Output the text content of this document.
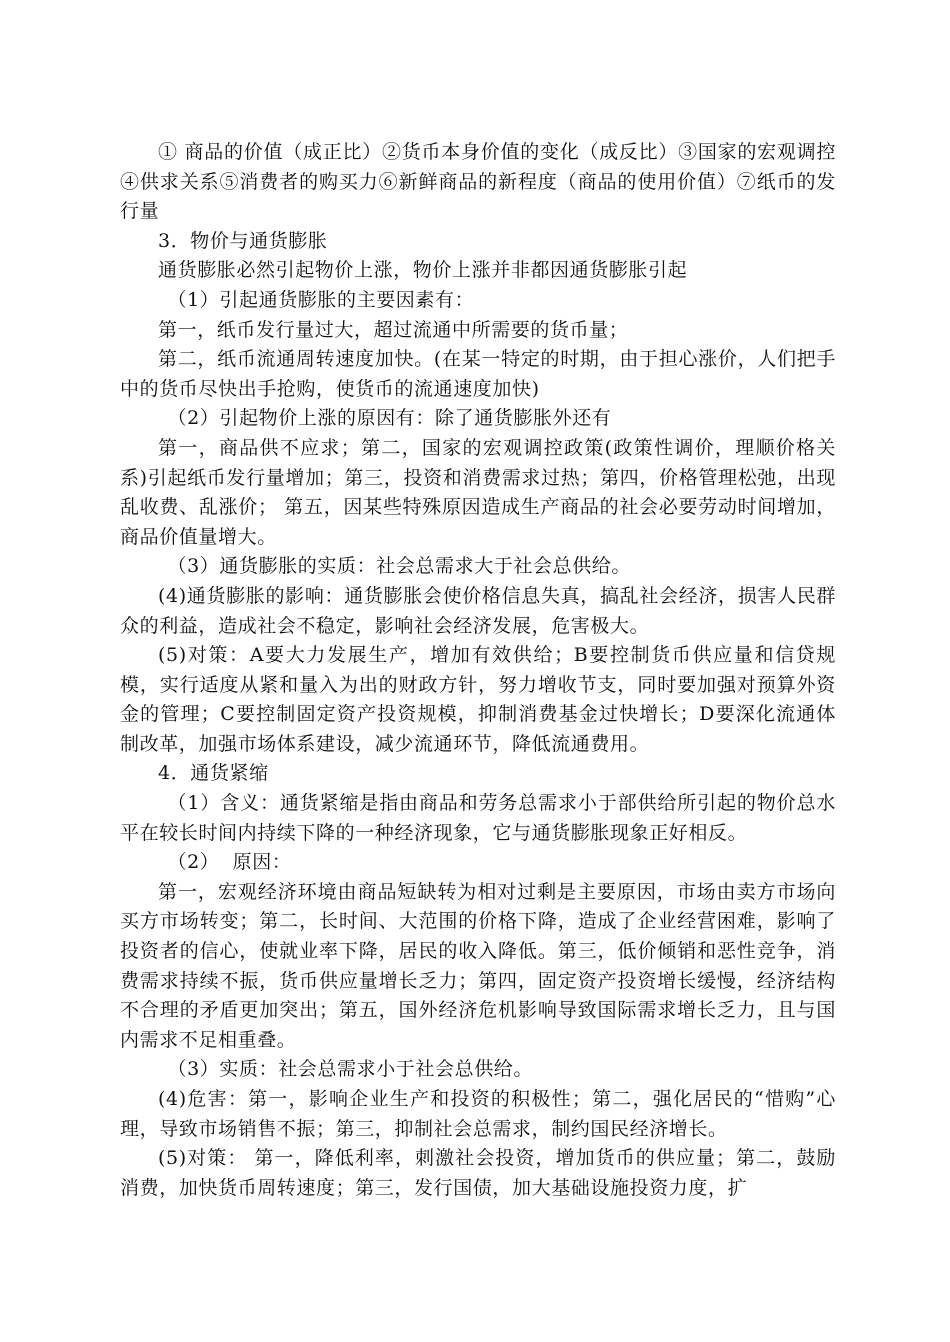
① 商品的价值（成正比）②货币本身价值的变化（成反比）③国家的宏观调控④供求关系⑤消费者的购买力⑥新鲜商品的新程度（商品的使用价值）⑦纸币的发行量

3．物价与通货膨胀

通货膨胀必然引起物价上涨，物价上涨并非都因通货膨胀引起

（1）引起通货膨胀的主要因素有：

第一，纸币发行量过大，超过流通中所需要的货币量；

第二，纸币流通周转速度加快。(在某一特定的时期，由于担心涨价，人们把手中的货币尽快出手抢购，使货币的流通速度加快)

（2）引起物价上涨的原因有：除了通货膨胀外还有

第一，商品供不应求；第二，国家的宏观调控政策(政策性调价，理顺价格关系)引起纸币发行量增加；第三，投资和消费需求过热；第四，价格管理松弛，出现乱收费、乱涨价； 第五，因某些特殊原因造成生产商品的社会必要劳动时间增加，商品价值量增大。

（3）通货膨胀的实质：社会总需求大于社会总供给。

(4)通货膨胀的影响：通货膨胀会使价格信息失真，搞乱社会经济，损害人民群众的利益，造成社会不稳定，影响社会经济发展，危害极大。

(5)对策：A要大力发展生产，增加有效供给；B要控制货币供应量和信贷规模，实行适度从紧和量入为出的财政方针，努力增收节支，同时要加强对预算外资金的管理；C要控制固定资产投资规模，抑制消费基金过快增长；D要深化流通体制改革，加强市场体系建设，减少流通环节，降低流通费用。

4．通货紧缩

（1）含义：通货紧缩是指由商品和劳务总需求小于部供给所引起的物价总水平在较长时间内持续下降的一种经济现象，它与通货膨胀现象正好相反。

（2）  原因：

第一，宏观经济环境由商品短缺转为相对过剩是主要原因，市场由卖方市场向买方市场转变；第二，长时间、大范围的价格下降，造成了企业经营困难，影响了投资者的信心，使就业率下降，居民的收入降低。第三，低价倾销和恶性竞争，消费需求持续不振，货币供应量增长乏力；第四，固定资产投资增长缓慢，经济结构不合理的矛盾更加突出；第五，国外经济危机影响导致国际需求增长乏力，且与国内需求不足相重叠。

（3）实质：社会总需求小于社会总供给。

(4)危害：第一，影响企业生产和投资的积极性；第二，强化居民的“惜购”心理，导致市场销售不振；第三，抑制社会总需求，制约国民经济增长。

(5)对策： 第一，降低利率，刺激社会投资，增加货币的供应量；第二，鼓励消费，加快货币周转速度；第三，发行国债，加大基础设施投资力度，扩
